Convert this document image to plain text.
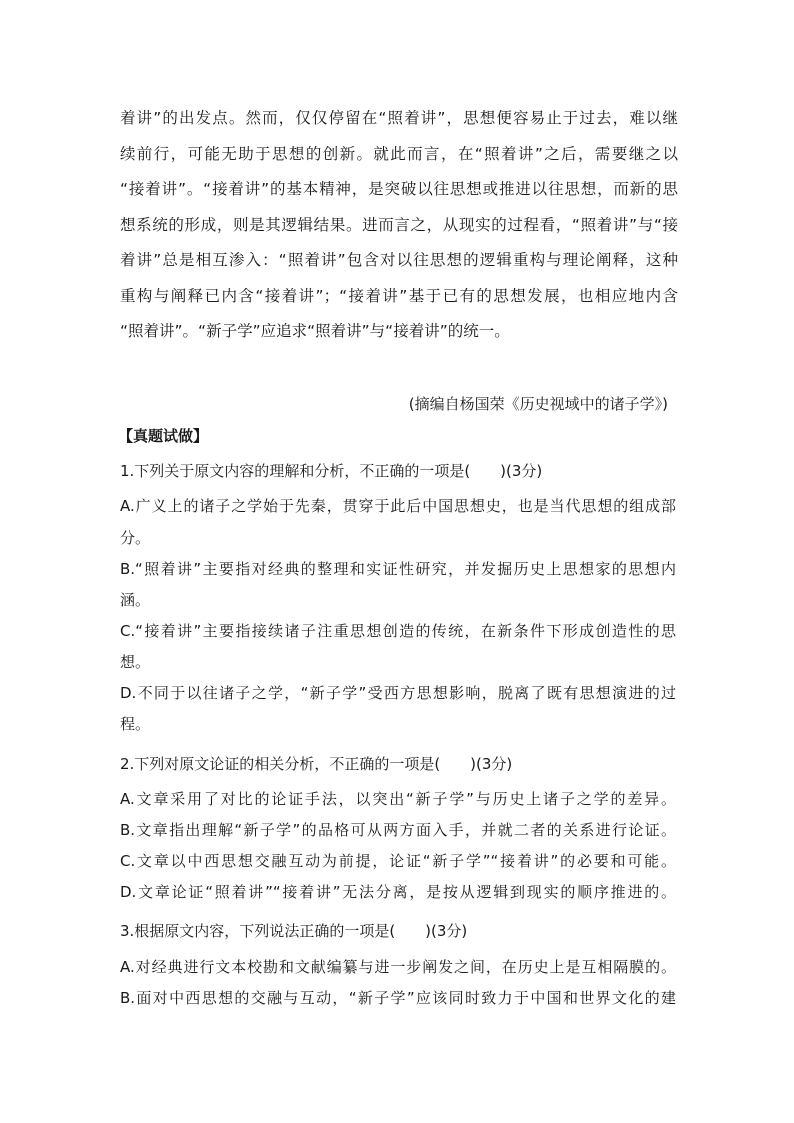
着讲”的出发点。然而，仅仅停留在“照着讲”，思想便容易止于过去，难以继
续前行，可能无助于思想的创新。就此而言，在“照着讲”之后，需要继之以
“接着讲”。“接着讲”的基本精神，是突破以往思想或推进以往思想，而新的思
想系统的形成，则是其逻辑结果。进而言之，从现实的过程看，“照着讲”与“接
着讲”总是相互渗入：“照着讲”包含对以往思想的逻辑重构与理论阐释，这种
重构与阐释已内含“接着讲”；“接着讲”基于已有的思想发展，也相应地内含
“照着讲”。“新子学”应追求“照着讲”与“接着讲”的统一。
(摘编自杨国荣《历史视域中的诸子学》)
【真题试做】
1.下列关于原文内容的理解和分析，不正确的一项是(　　)(3分)
A.广义上的诸子之学始于先秦，贯穿于此后中国思想史，也是当代思想的组成部
分。
B.“照着讲”主要指对经典的整理和实证性研究，并发掘历史上思想家的思想内
涵。
C.“接着讲”主要指接续诸子注重思想创造的传统，在新条件下形成创造性的思
想。
D.不同于以往诸子之学，“新子学”受西方思想影响，脱离了既有思想演进的过
程。
2.下列对原文论证的相关分析，不正确的一项是(　　)(3分)
A.文章采用了对比的论证手法，以突出“新子学”与历史上诸子之学的差异。
B.文章指出理解“新子学”的品格可从两方面入手，并就二者的关系进行论证。
C.文章以中西思想交融互动为前提，论证“新子学”“接着讲”的必要和可能。
D.文章论证“照着讲”“接着讲”无法分离，是按从逻辑到现实的顺序推进的。
3.根据原文内容，下列说法正确的一项是(　　)(3分)
A.对经典进行文本校勘和文献编纂与进一步阐发之间，在历史上是互相隔膜的。
B.面对中西思想的交融与互动，“新子学”应该同时致力于中国和世界文化的建
